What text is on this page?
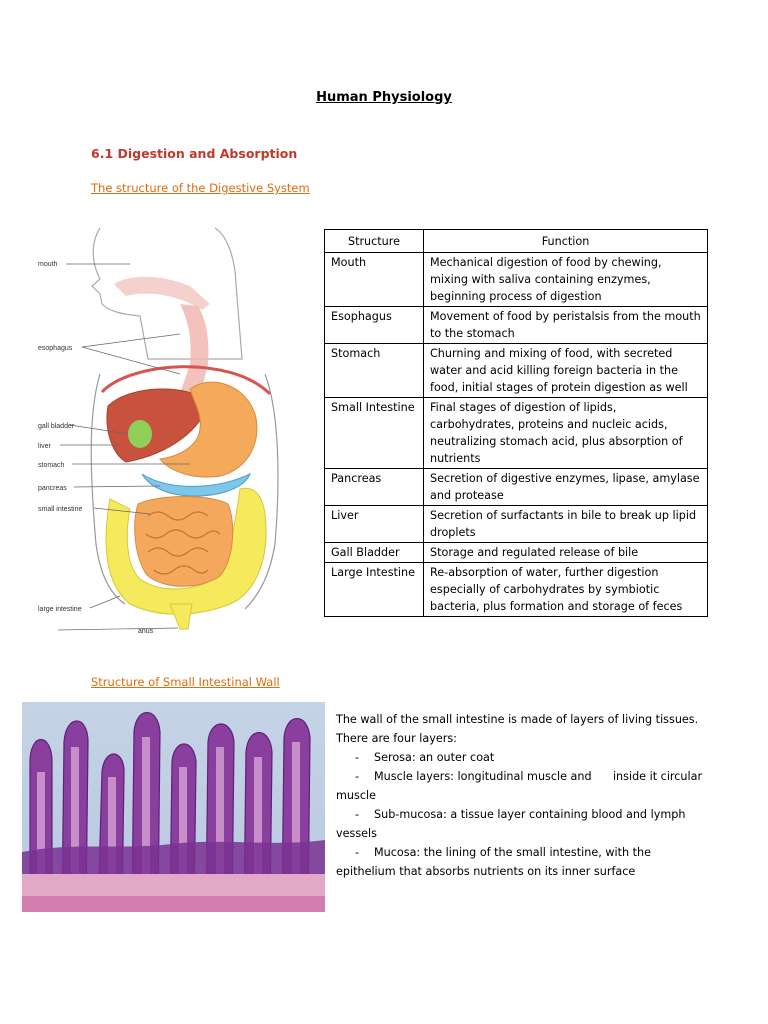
Human Physiology
6.1 Digestion and Absorption
The structure of the Digestive System
mouth
esophagus
gall bladder
liver
stomach
pancreas
small intestine
large intestine
anus
Structure	Function
Mouth	Mechanical digestion of food by chewing, mixing with saliva containing enzymes, beginning process of digestion
Esophagus	Movement of food by peristalsis from the mouth to the stomach
Stomach	Churning and mixing of food, with secreted water and acid killing foreign bacteria in the food, initial stages of protein digestion as well
Small Intestine	Final stages of digestion of lipids, carbohydrates, proteins and nucleic acids, neutralizing stomach acid, plus absorption of nutrients
Pancreas	Secretion of digestive enzymes, lipase, amylase and protease
Liver	Secretion of surfactants in bile to break up lipid droplets
Gall Bladder	Storage and regulated release of bile
Large Intestine	Re-absorption of water, further digestion especially of carbohydrates by symbiotic bacteria, plus formation and storage of feces
Structure of Small Intestinal Wall
The wall of the small intestine is made of layers of living tissues. There are four layers:
- Serosa: an outer coat
- Muscle layers: longitudinal muscle and      inside it circular muscle
- Sub-mucosa: a tissue layer containing blood and lymph vessels
- Mucosa: the lining of the small intestine, with the epithelium that absorbs nutrients on its inner surface
